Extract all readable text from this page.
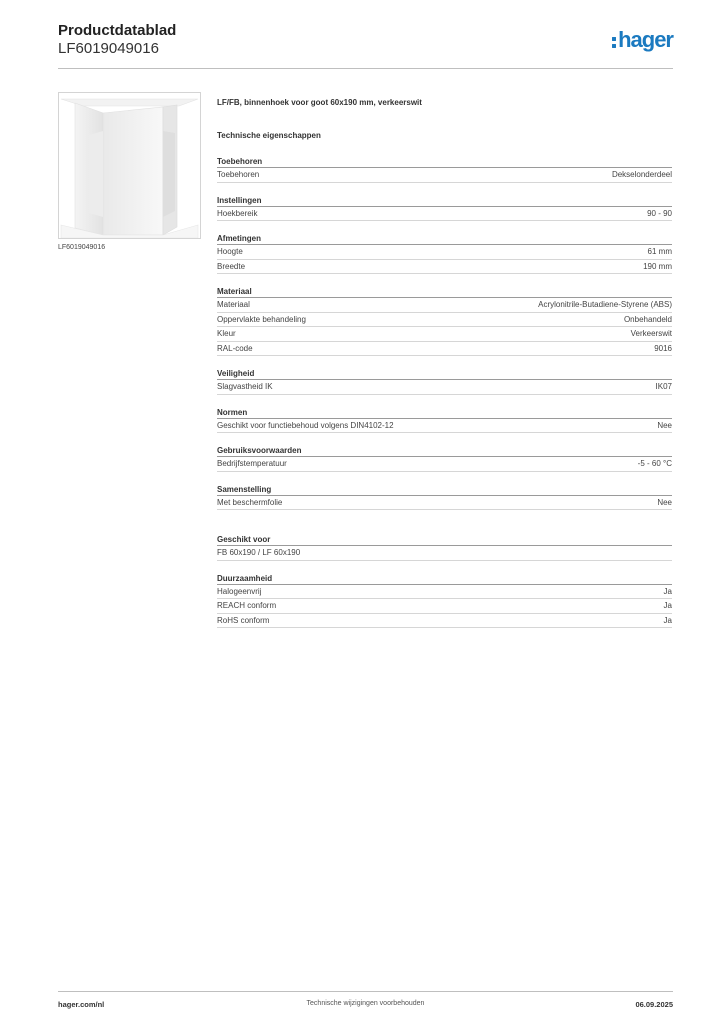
Productdatablad
LF6019049016	hager
LF6019049016
LF/FB, binnenhoek voor goot 60x190 mm, verkeerswit
Technische eigenschappen
Toebehoren
Toebehoren	Dekselonderdeel
Instellingen
Hoekbereik	90 - 90
Afmetingen
Hoogte	61 mm
Breedte	190 mm
Materiaal
Materiaal	Acrylonitrile-Butadiene-Styrene (ABS)
Oppervlakte behandeling	Onbehandeld
Kleur	Verkeerswit
RAL-code	9016
Veiligheid
Slagvastheid IK	IK07
Normen
Geschikt voor functiebehoud volgens DIN4102-12	Nee
Gebruiksvoorwaarden
Bedrijfstemperatuur	-5 - 60 °C
Samenstelling
Met beschermfolie	Nee
Geschikt voor
FB 60x190 / LF 60x190
Duurzaamheid
Halogeenvrij	Ja
REACH conform	Ja
RoHS conform	Ja
hager.com/nl	Technische wijzigingen voorbehouden	06.09.2025
